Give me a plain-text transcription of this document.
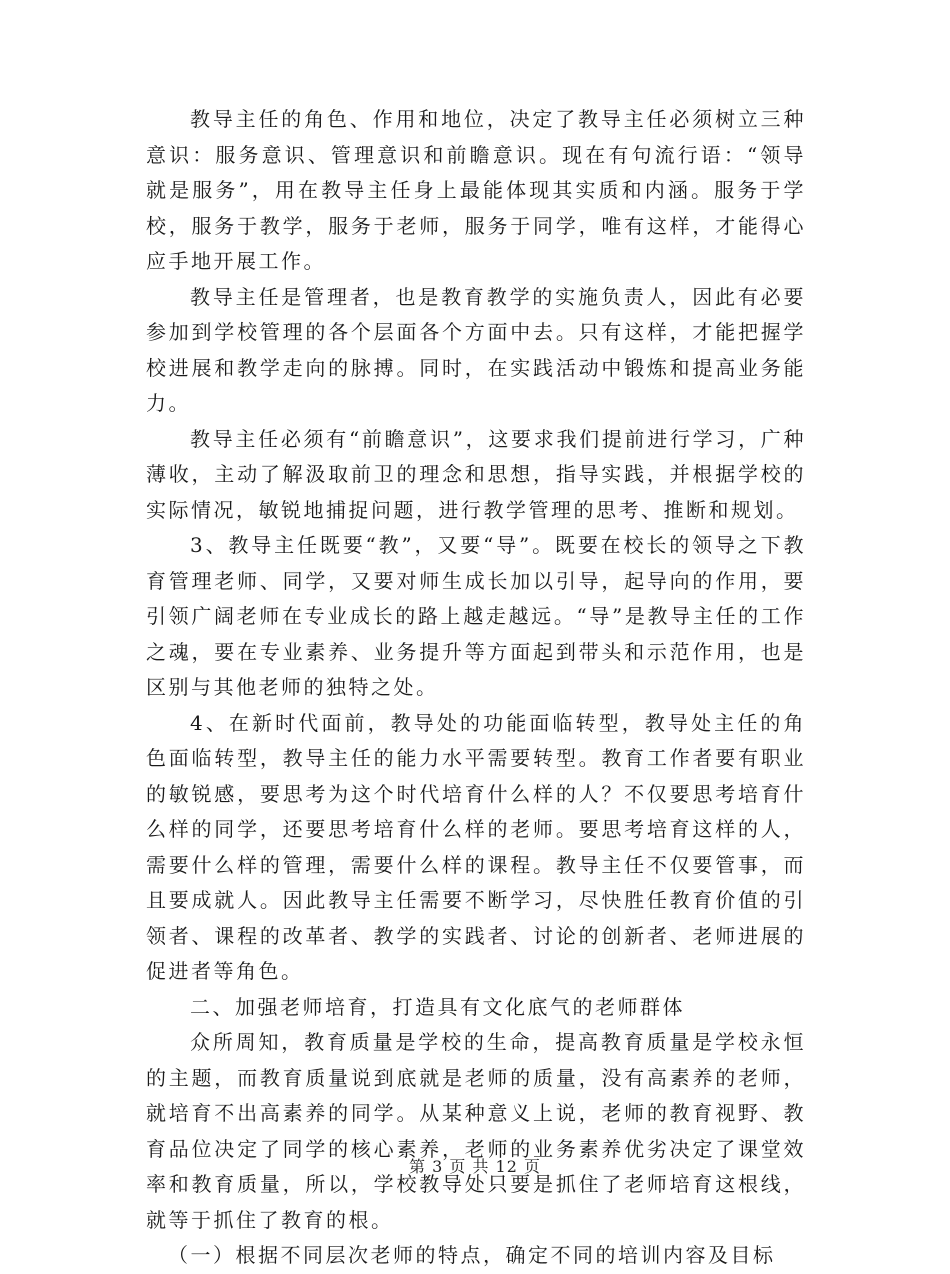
教导主任的角色、作用和地位，决定了教导主任必须树立三种意识：服务意识、管理意识和前瞻意识。现在有句流行语：“领导就是服务”，用在教导主任身上最能体现其实质和内涵。服务于学校，服务于教学，服务于老师，服务于同学，唯有这样，才能得心应手地开展工作。

教导主任是管理者，也是教育教学的实施负责人，因此有必要参加到学校管理的各个层面各个方面中去。只有这样，才能把握学校进展和教学走向的脉搏。同时，在实践活动中锻炼和提高业务能力。

教导主任必须有“前瞻意识”，这要求我们提前进行学习，广种薄收，主动了解汲取前卫的理念和思想，指导实践，并根据学校的实际情况，敏锐地捕捉问题，进行教学管理的思考、推断和规划。

3、教导主任既要“教”，又要“导”。既要在校长的领导之下教育管理老师、同学，又要对师生成长加以引导，起导向的作用，要引领广阔老师在专业成长的路上越走越远。“导”是教导主任的工作之魂，要在专业素养、业务提升等方面起到带头和示范作用，也是区别与其他老师的独特之处。

4、在新时代面前，教导处的功能面临转型，教导处主任的角色面临转型，教导主任的能力水平需要转型。教育工作者要有职业的敏锐感，要思考为这个时代培育什么样的人？不仅要思考培育什么样的同学，还要思考培育什么样的老师。要思考培育这样的人，需要什么样的管理，需要什么样的课程。教导主任不仅要管事，而且要成就人。因此教导主任需要不断学习，尽快胜任教育价值的引领者、课程的改革者、教学的实践者、讨论的创新者、老师进展的促进者等角色。

二、加强老师培育，打造具有文化底气的老师群体

众所周知，教育质量是学校的生命，提高教育质量是学校永恒的主题，而教育质量说到底就是老师的质量，没有高素养的老师，就培育不出高素养的同学。从某种意义上说，老师的教育视野、教育品位决定了同学的核心素养，老师的业务素养优劣决定了课堂效率和教育质量，所以，学校教导处只要是抓住了老师培育这根线，就等于抓住了教育的根。

（一）根据不同层次老师的特点，确定不同的培训内容及目标

第 3 页 共 12 页
